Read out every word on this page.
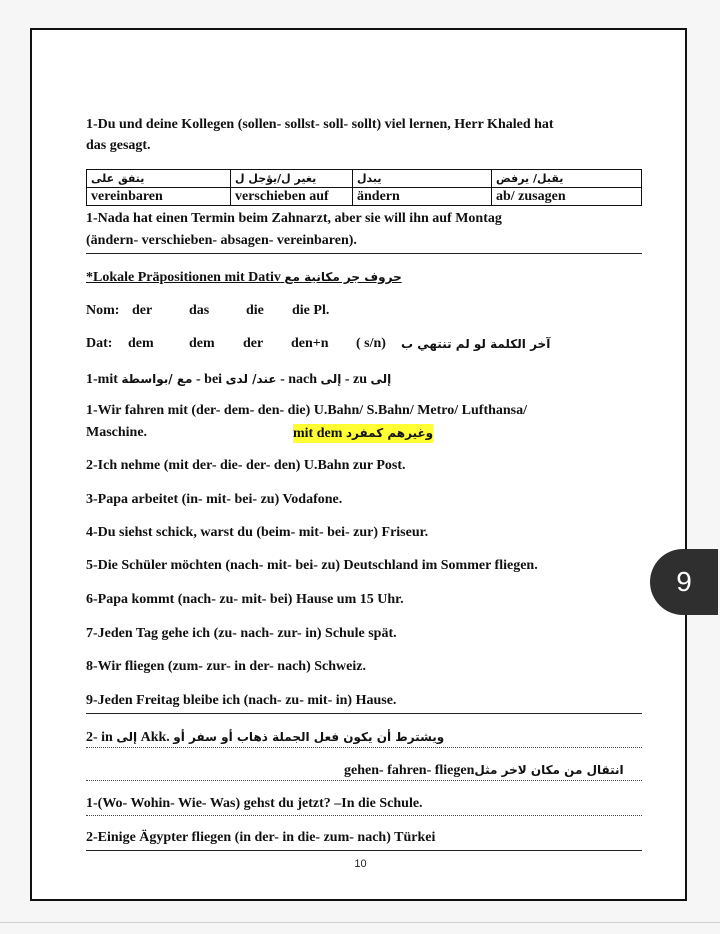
1-Du und deine Kollegen (sollen- sollst- soll- sollt) viel lernen, Herr Khaled hat
das gesagt.
يتفق على	يغير ل/يؤجل ل	يبدل	يقبل/ يرفض
vereinbaren	verschieben auf	ändern	ab/ zusagen
1-Nada hat einen Termin beim Zahnarzt, aber sie will ihn auf Montag
(ändern- verschieben- absagen- vereinbaren).
*Lokale Präpositionen mit Dativ حروف جر مكانية مع
Nom: der	das	die die Pl.
Dat: dem	dem der den+n ( s/n) آخر الكلمة لو لم تنتهي ب
1-mit مع /بواسطة - bei عند/ لدى - nach إلى - zu إلى
1-Wir fahren mit (der- dem- den- die) U.Bahn/ S.Bahn/ Metro/ Lufthansa/
Maschine.	mit dem وغيرهم كمفرد
2-Ich nehme (mit der- die- der- den) U.Bahn zur Post.
3-Papa arbeitet (in- mit- bei- zu) Vodafone.
4-Du siehst schick, warst du (beim- mit- bei- zur) Friseur.
5-Die Schüler möchten (nach- mit- bei- zu) Deutschland im Sommer fliegen.
6-Papa kommt (nach- zu- mit- bei) Hause um 15 Uhr.
7-Jeden Tag gehe ich (zu- nach- zur- in) Schule spät.
8-Wir fliegen (zum- zur- in der- nach) Schweiz.
9-Jeden Freitag bleibe ich (nach- zu- mit- in) Hause.
2- in إلى Akk. ويشترط أن يكون فعل الجملة ذهاب أو سفر أو
gehen- fahren- fliegenانتقال من مكان لاخر مثل
1-(Wo- Wohin- Wie- Was) gehst du jetzt? –In die Schule.
2-Einige Ägypter fliegen (in der- in die- zum- nach) Türkei
10
9
